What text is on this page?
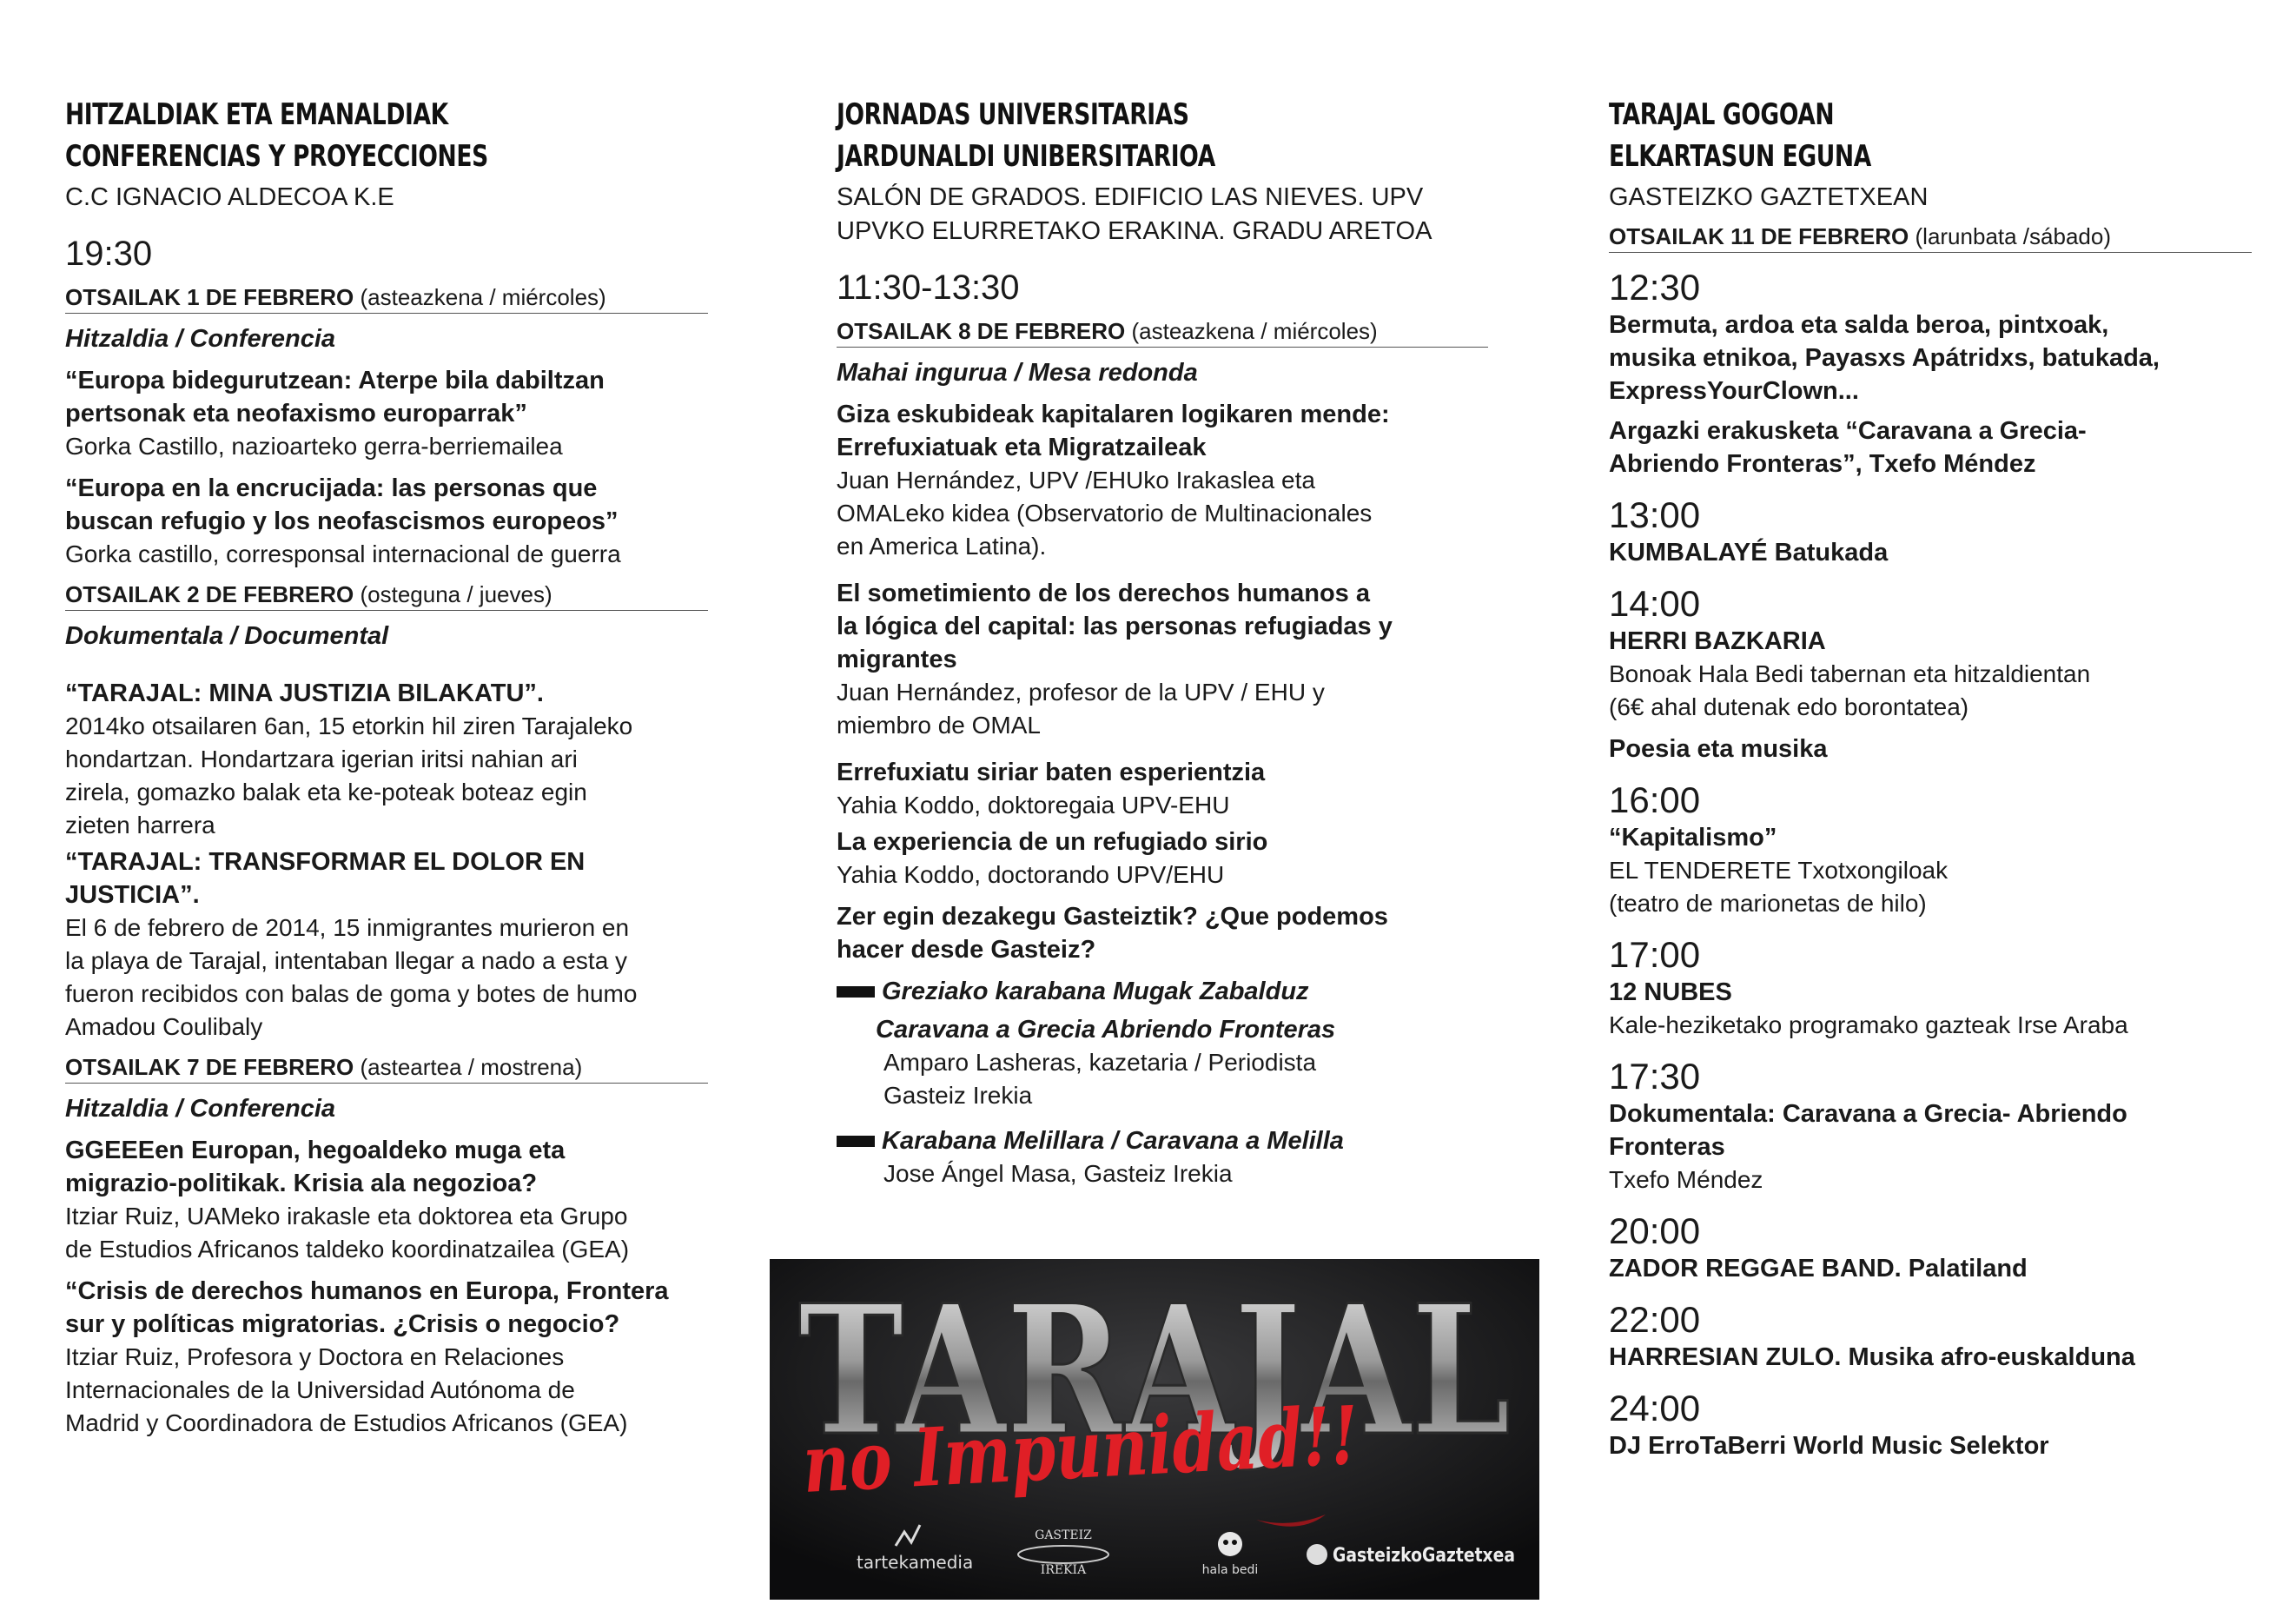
HITZALDIAK ETA EMANALDIAK
CONFERENCIAS Y PROYECCIONES
C.C IGNACIO ALDECOA K.E
19:30
OTSAILAK 1 DE FEBRERO (asteazkena / miércoles)
Hitzaldia / Conferencia
“Europa bidegurutzean: Aterpe bila dabiltzan
pertsonak eta neofaxismo europarrak”
Gorka Castillo, nazioarteko gerra-berriemailea
“Europa en la encrucijada: las personas que
buscan refugio y los neofascismos europeos”
Gorka castillo, corresponsal internacional de guerra
OTSAILAK 2 DE FEBRERO (osteguna / jueves)
Dokumentala / Documental
“TARAJAL: MINA JUSTIZIA BILAKATU”.
2014ko otsailaren 6an, 15 etorkin hil ziren Tarajaleko
hondartzan. Hondartzara igerian iritsi nahian ari
zirela, gomazko balak eta ke-poteak boteaz egin
zieten harrera
“TARAJAL: TRANSFORMAR EL DOLOR EN
JUSTICIA”.
El 6 de febrero de 2014, 15 inmigrantes murieron en
la playa de Tarajal, intentaban llegar a nado a esta y
fueron recibidos con balas de goma y botes de humo
Amadou Coulibaly
OTSAILAK 7 DE FEBRERO (asteartea / mostrena)
Hitzaldia / Conferencia
GGEEEen Europan, hegoaldeko muga eta
migrazio-politikak. Krisia ala negozioa?
Itziar Ruiz, UAMeko irakasle eta doktorea eta Grupo
de Estudios Africanos taldeko koordinatzailea (GEA)
“Crisis de derechos humanos en Europa, Frontera
sur y políticas migratorias. ¿Crisis o negocio?
Itziar Ruiz, Profesora y Doctora en Relaciones
Internacionales de la Universidad Autónoma de
Madrid y Coordinadora de Estudios Africanos (GEA)
JORNADAS UNIVERSITARIAS
JARDUNALDI UNIBERSITARIOA
SALÓN DE GRADOS. EDIFICIO LAS NIEVES. UPV
UPVKO ELURRETAKO ERAKINA. GRADU ARETOA
11:30-13:30
OTSAILAK 8 DE FEBRERO (asteazkena / miércoles)
Mahai ingurua / Mesa redonda
Giza eskubideak kapitalaren logikaren mende:
Errefuxiatuak eta Migratzaileak
Juan Hernández, UPV /EHUko Irakaslea eta
OMALeko kidea (Observatorio de Multinacionales
en America Latina).
El sometimiento de los derechos humanos a
la lógica del capital: las personas refugiadas y
migrantes
Juan Hernández, profesor de la UPV / EHU y
miembro de OMAL
Errefuxiatu siriar baten esperientzia
Yahia Koddo, doktoregaia UPV-EHU
La experiencia de un refugiado sirio
Yahia Koddo, doctorando UPV/EHU
Zer egin dezakegu Gasteiztik? ¿Que podemos
hacer desde Gasteiz?
Greziako karabana Mugak Zabalduz
Caravana a Grecia Abriendo Fronteras
Amparo Lasheras, kazetaria / Periodista
Gasteiz Irekia
Karabana Melillara / Caravana a Melilla
Jose Ángel Masa, Gasteiz Irekia
TARAJAL
no Impunidad!!
tartekamedia
GASTEIZ
IREKIA	hala bedi
GasteizkoGaztetxea
TARAJAL GOGOAN
ELKARTASUN EGUNA
GASTEIZKO GAZTETXEAN
OTSAILAK 11 DE FEBRERO (larunbata /sábado)
12:30
Bermuta, ardoa eta salda beroa, pintxoak,
musika etnikoa, Payasxs Apátridxs, batukada,
ExpressYourClown...
Argazki erakusketa “Caravana a Grecia-
Abriendo Fronteras”, Txefo Méndez
13:00
KUMBALAYÉ Batukada
14:00
HERRI BAZKARIA
Bonoak Hala Bedi tabernan eta hitzaldientan
(6€ ahal dutenak edo borontatea)
Poesia eta musika
16:00
“Kapitalismo”
EL TENDERETE Txotxongiloak
(teatro de marionetas de hilo)
17:00
12 NUBES
Kale-heziketako programako gazteak Irse Araba
17:30
Dokumentala: Caravana a Grecia- Abriendo
Fronteras
Txefo Méndez
20:00
ZADOR REGGAE BAND. Palatiland
22:00
HARRESIAN ZULO. Musika afro-euskalduna
24:00
DJ ErroTaBerri World Music Selektor
